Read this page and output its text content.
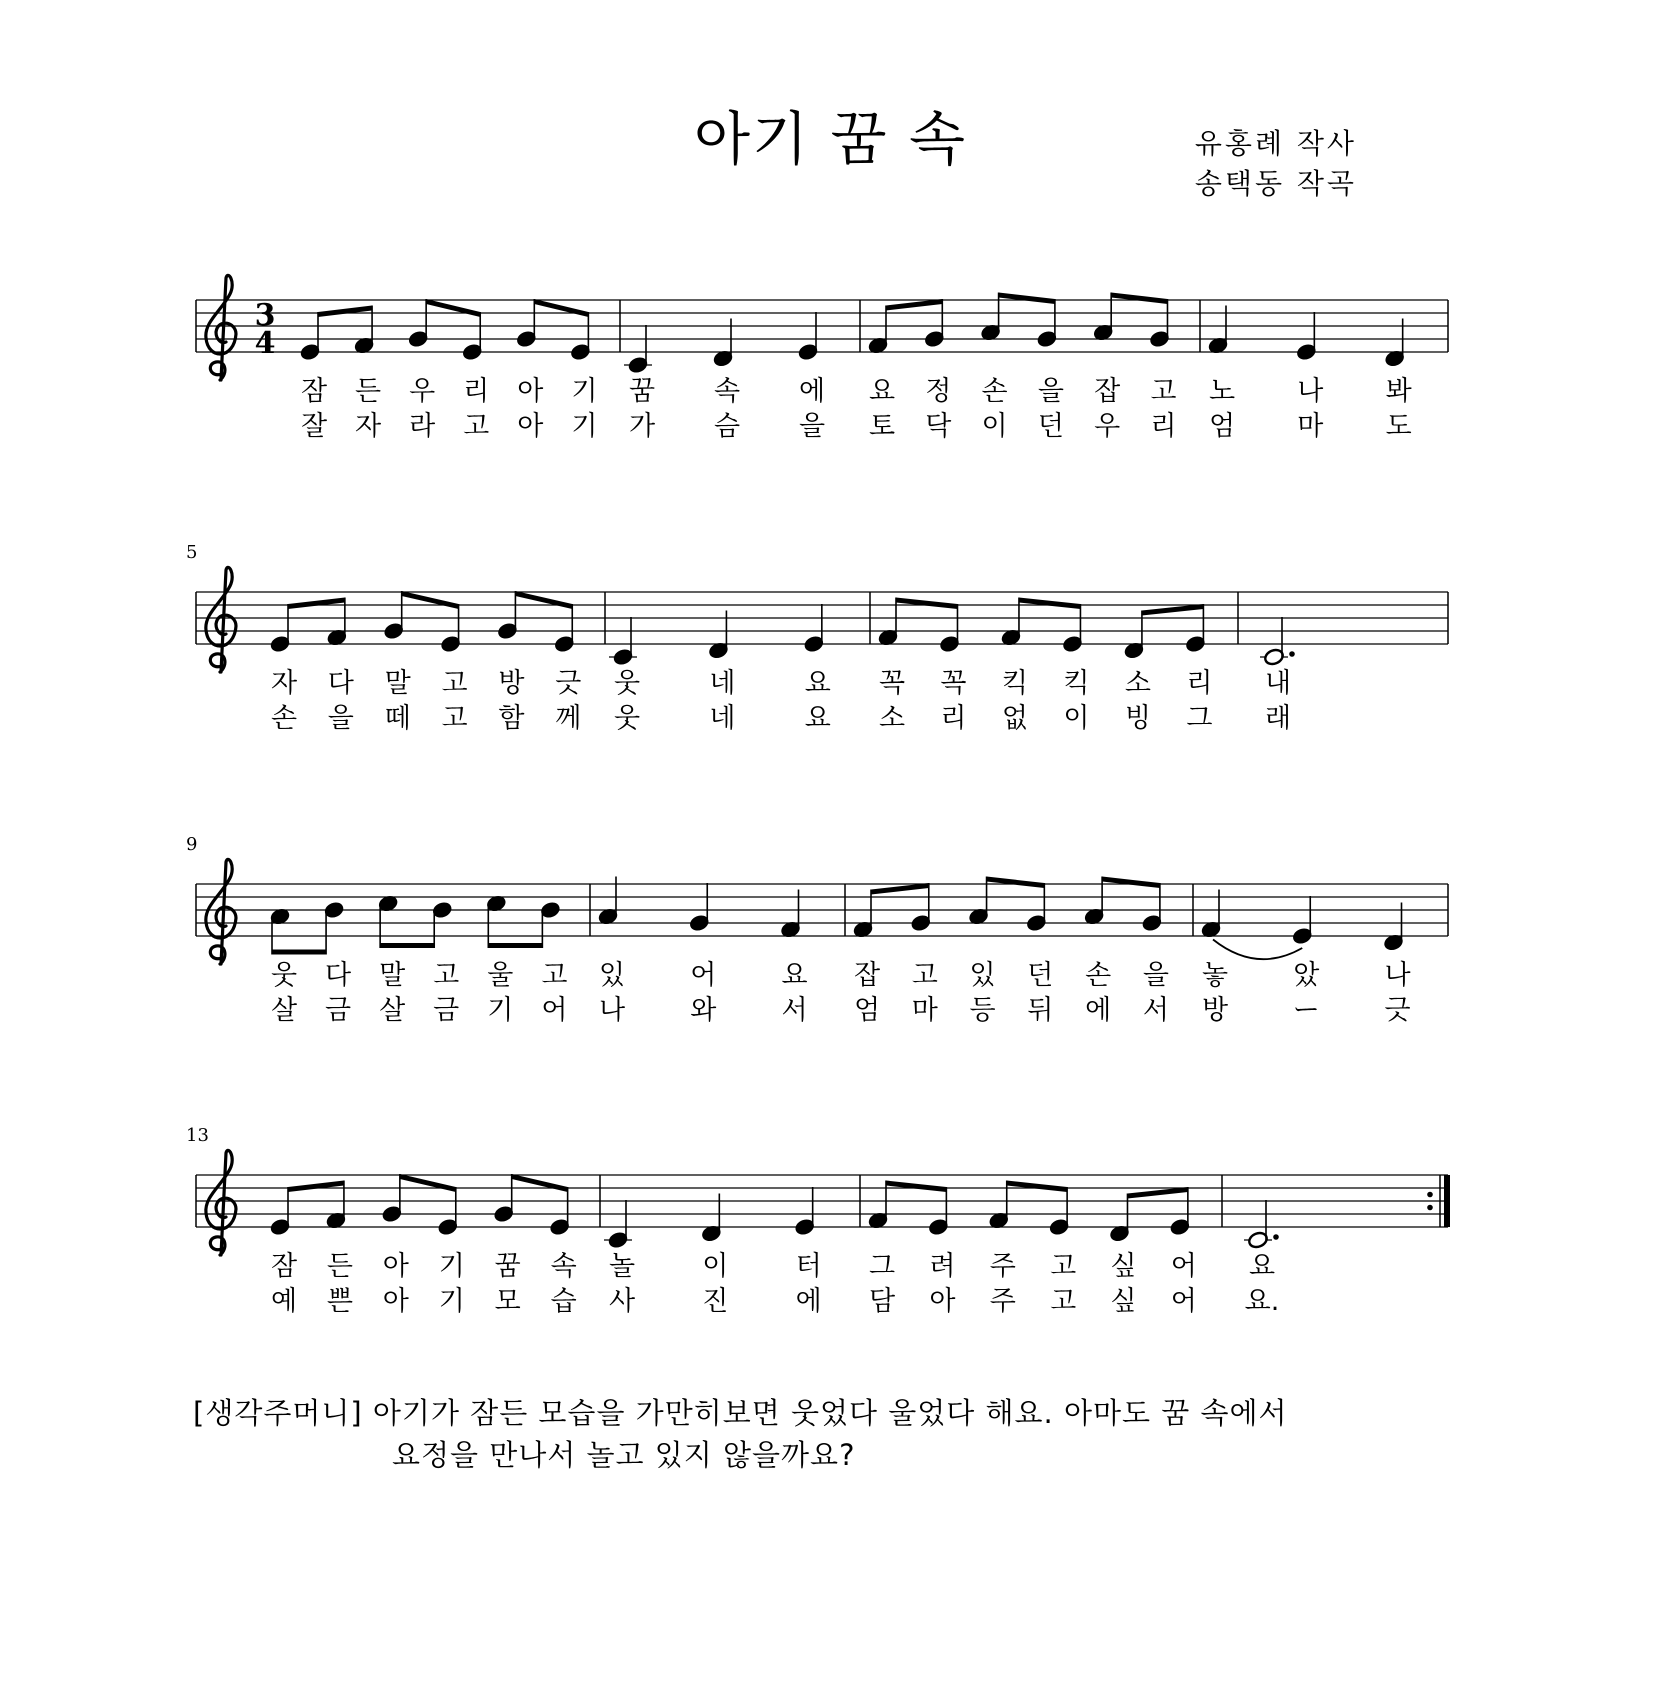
아기 꿈 속	유홍례 작사
송택동 작곡
3
4
잠 든 우 리 아 기 꿈 속 에 요 정 손 을 잡 고 노 나 봐
잘 자 라 고 아 기 가 슴 을 토 닥 이 던 우 리 엄 마 도
5
자 다 말 고 방 긋 웃	네	요 꼭 꼭 킥 킥 소 리 내
손 을 떼 고 함 께 웃	네	요 소 리 없 이 빙 그 래
9
웃 다 말 고 울 고 있 어 요 잡 고 있 던 손 을 놓 았 나
살 금 살 금 기 어 나 와 서 엄 마 등 뒤 에 서 방 ー 긋
13
잠 든 아 기 꿈 속 놀 이 터 그 려 주 고 싶 어 요
예 쁜 아 기 모 습 사 진 에 담 아 주 고 싶 어 요.
[생각주머니] 아기가 잠든 모습을 가만히보면 웃었다 울었다 해요. 아마도 꿈 속에서
요정을 만나서 놀고 있지 않을까요?
